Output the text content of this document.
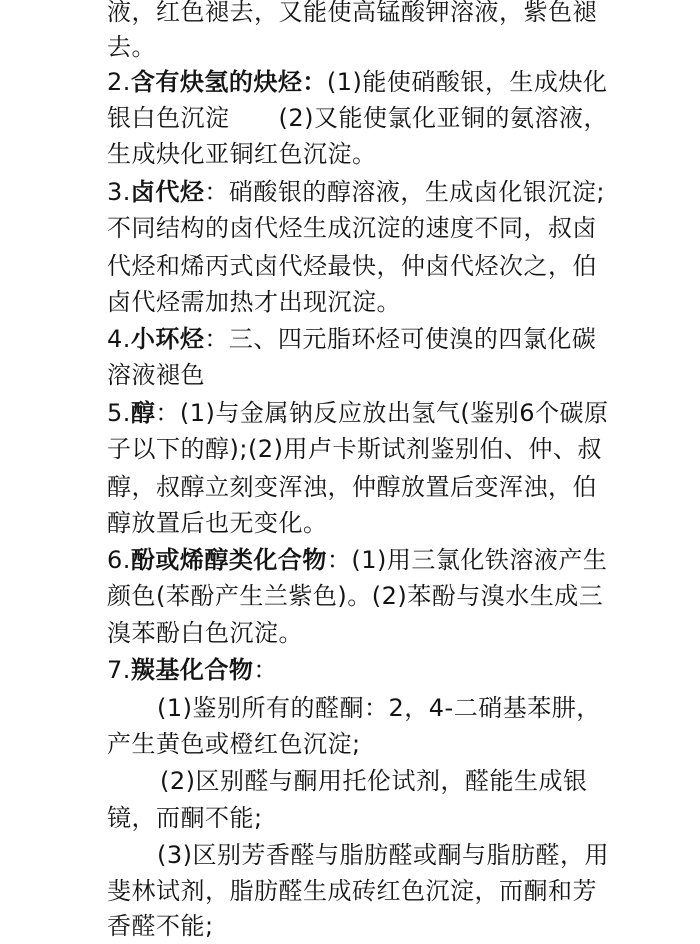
液，红色褪去，又能使高锰酸钾溶液，紫色褪
去。
2.含有炔氢的炔烃：(1)能使硝酸银，生成炔化
银白色沉淀　　(2)又能使氯化亚铜的氨溶液，
生成炔化亚铜红色沉淀。
3.卤代烃：硝酸银的醇溶液，生成卤化银沉淀;
不同结构的卤代烃生成沉淀的速度不同，叔卤
代烃和烯丙式卤代烃最快，仲卤代烃次之，伯
卤代烃需加热才出现沉淀。
4.小环烃：三、四元脂环烃可使溴的四氯化碳
溶液褪色
5.醇：(1)与金属钠反应放出氢气(鉴别6个碳原
子以下的醇);(2)用卢卡斯试剂鉴别伯、仲、叔
醇，叔醇立刻变浑浊，仲醇放置后变浑浊，伯
醇放置后也无变化。
6.酚或烯醇类化合物：(1)用三氯化铁溶液产生
颜色(苯酚产生兰紫色)。(2)苯酚与溴水生成三
溴苯酚白色沉淀。
7.羰基化合物：
(1)鉴别所有的醛酮：2，4-二硝基苯肼，
产生黄色或橙红色沉淀;
(2)区别醛与酮用托伦试剂，醛能生成银
镜，而酮不能;
(3)区别芳香醛与脂肪醛或酮与脂肪醛，用
斐林试剂，脂肪醛生成砖红色沉淀，而酮和芳
香醛不能;
